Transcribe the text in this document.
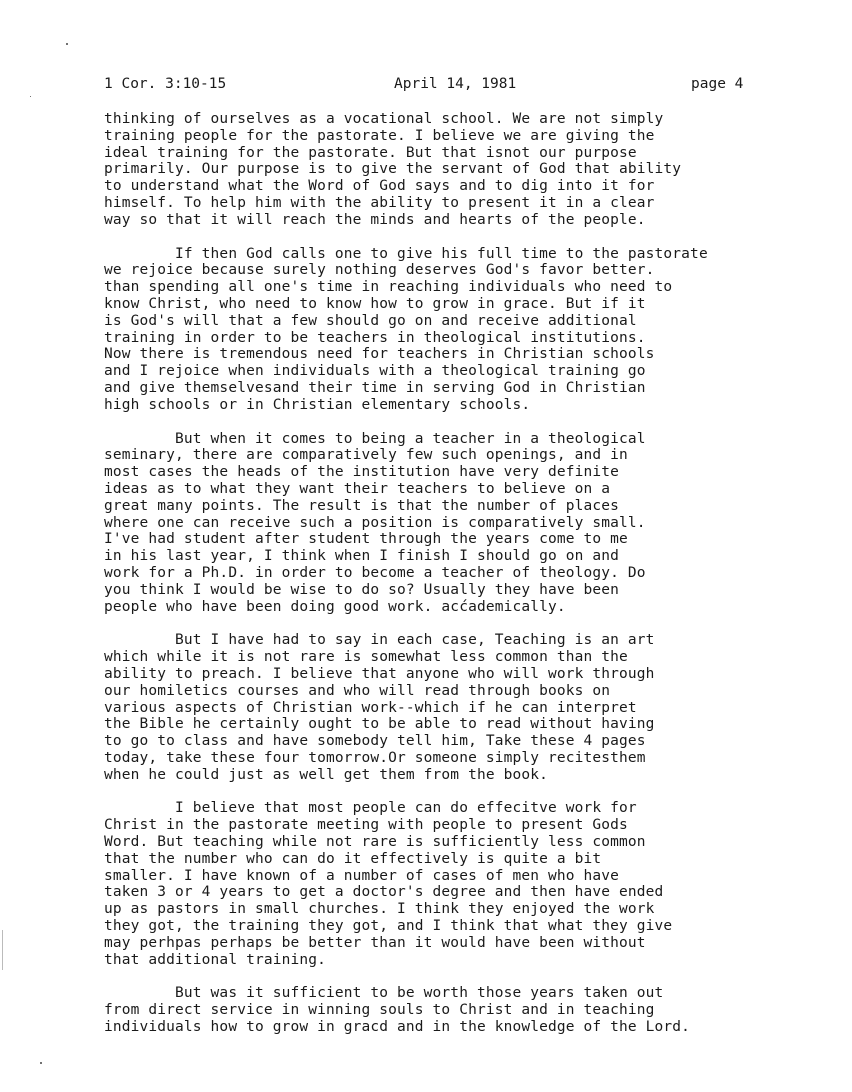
1 Cor. 3:10-15	April 14, 1981	page 4
thinking of ourselves as a vocational school. We are not simply
training people for the pastorate. I believe we are giving the
ideal training for the pastorate. But that isnot our purpose
primarily. Our purpose is to give the servant of God that ability
to understand what the Word of God says and to dig into it for
himself. To help him with the ability to present it in a clear
way so that it will reach the minds and hearts of the people.
If then God calls one to give his full time to the pastorate
we rejoice because surely nothing deserves God's favor better.
than spending all one's time in reaching individuals who need to
know Christ, who need to know how to grow in grace. But if it
is God's will that a few should go on and receive additional
training in order to be teachers in theological institutions.
Now there is tremendous need for teachers in Christian schools
and I rejoice when individuals with a theological training go
and give themselvesand their time in serving God in Christian
high schools or in Christian elementary schools.
But when it comes to being a teacher in a theological
seminary, there are comparatively few such openings, and in
most cases the heads of the institution have very definite
ideas as to what they want their teachers to believe on a
great many points. The result is that the number of places
where one can receive such a position is comparatively small.
I've had student after student through the years come to me
in his last year, I think when I finish I should go on and
work for a Ph.D. in order to become a teacher of theology. Do
you think I would be wise to do so? Usually they have been
people who have been doing good work. acćademically.
But I have had to say in each case, Teaching is an art
which while it is not rare is somewhat less common than the
ability to preach. I believe that anyone who will work through
our homiletics courses and who will read through books on
various aspects of Christian work--which if he can interpret
the Bible he certainly ought to be able to read without having
to go to class and have somebody tell him, Take these 4 pages
today, take these four tomorrow.Or someone simply recitesthem
when he could just as well get them from the book.
I believe that most people can do effecitve work for
Christ in the pastorate meeting with people to present Gods
Word. But teaching while not rare is sufficiently less common
that the number who can do it effectively is quite a bit
smaller. I have known of a number of cases of men who have
taken 3 or 4 years to get a doctor's degree and then have ended
up as pastors in small churches. I think they enjoyed the work
they got, the training they got, and I think that what they give
may perhpas perhaps be better than it would have been without
that additional training.
But was it sufficient to be worth those years taken out
from direct service in winning souls to Christ and in teaching
individuals how to grow in gracd and in the knowledge of the Lord.
